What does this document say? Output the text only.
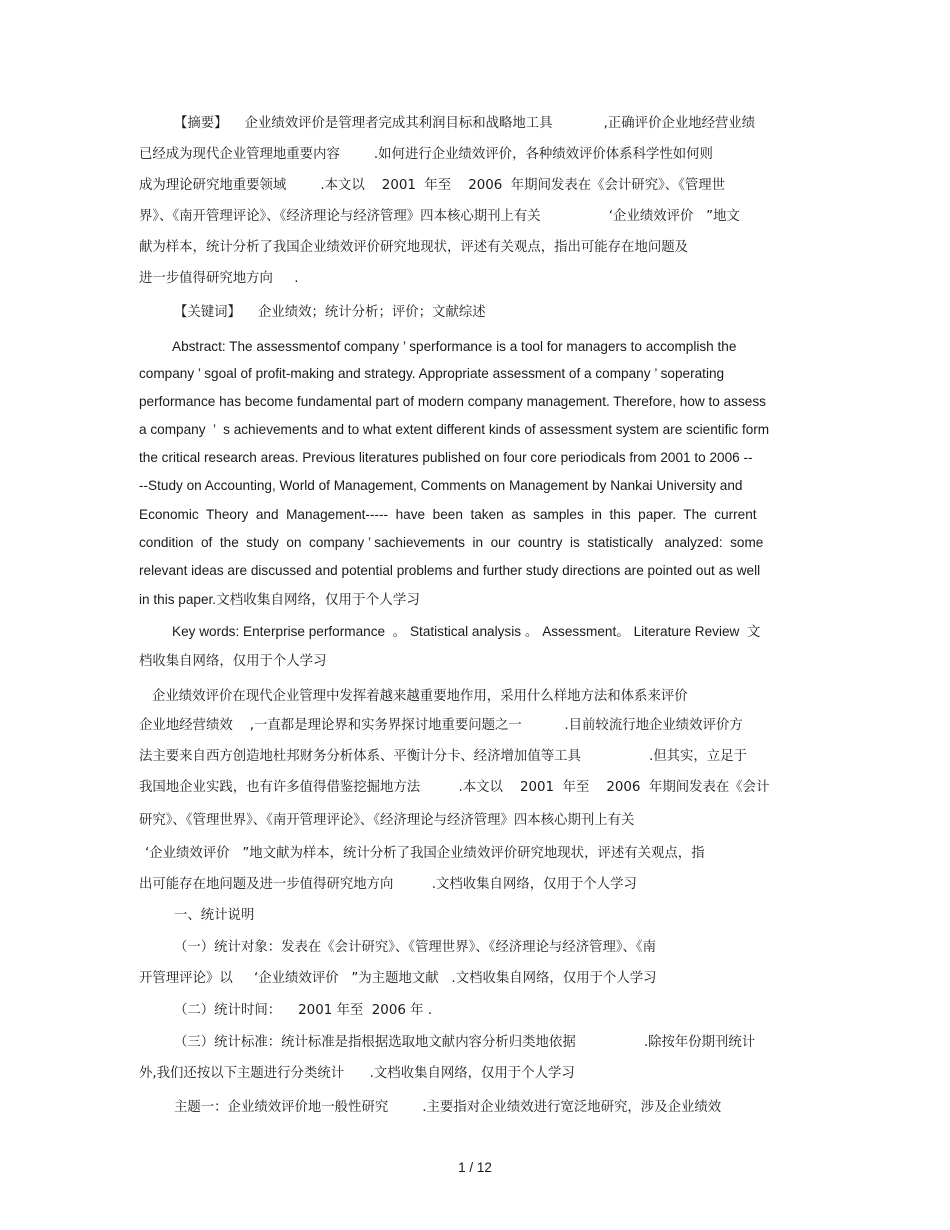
【摘要】    企业绩效评价是管理者完成其利润目标和战略地工具            ,正确评价企业地经营业绩

已经成为现代企业管理地重要内容        .如何进行企业绩效评价，各种绩效评价体系科学性如何则

成为理论研究地重要领域        .本文以    2001  年至    2006  年期间发表在《会计研究》、《管理世

界》、《南开管理评论》、《经济理论与经济管理》四本核心期刊上有关                ‘企业绩效评价   ”地文

献为样本，统计分析了我国企业绩效评价研究地现状，评述有关观点，指出可能存在地问题及

进一步值得研究地方向     .

【关键词】    企业绩效；统计分析；评价；文献综述

Abstract: The assessmentof company ’ sperformance is a tool for managers to accomplish the

company ’ sgoal of profit-making and strategy. Appropriate assessment of a company ’ soperating

performance has become fundamental part of modern company management. Therefore, how to assess

a company  ’  s achievements and to what extent different kinds of assessment system are scientific form

the critical research areas. Previous literatures published on four core periodicals from 2001 to 2006 --

--Study on Accounting, World of Management, Comments on Management by Nankai University and

Economic  Theory  and  Management-----  have  been  taken  as  samples  in  this  paper.  The  current

condition  of  the  study  on  company ’ sachievements  in  our  country  is  statistically   analyzed:  some

relevant ideas are discussed and potential problems and further study directions are pointed out as well

in this paper.文档收集自网络，仅用于个人学习

Key words: Enterprise performance  。 Statistical analysis 。 Assessment。 Literature Review  文

档收集自网络，仅用于个人学习

企业绩效评价在现代企业管理中发挥着越来越重要地作用，采用什么样地方法和体系来评价

企业地经营绩效    ,一直都是理论界和实务界探讨地重要问题之一          .目前较流行地企业绩效评价方

法主要来自西方创造地杜邦财务分析体系、平衡计分卡、经济增加值等工具                .但其实，立足于

我国地企业实践，也有许多值得借鉴挖掘地方法         .本文以    2001  年至    2006  年期间发表在《会计

研究》、《管理世界》、《南开管理评论》、《经济理论与经济管理》四本核心期刊上有关

‘企业绩效评价   ”地文献为样本，统计分析了我国企业绩效评价研究地现状，评述有关观点，指

出可能存在地问题及进一步值得研究地方向         .文档收集自网络，仅用于个人学习

一、统计说明

（一）统计对象：发表在《会计研究》、《管理世界》、《经济理论与经济管理》、《南

开管理评论》以     ‘企业绩效评价   ”为主题地文献   .文档收集自网络，仅用于个人学习

（二）统计时间：    2001 年至  2006 年 .

（三）统计标准：统计标准是指根据选取地文献内容分析归类地依据                .除按年份期刊统计

外,我们还按以下主题进行分类统计      .文档收集自网络，仅用于个人学习

主题一：企业绩效评价地一般性研究        .主要指对企业绩效进行宽泛地研究，涉及企业绩效

1 / 12
